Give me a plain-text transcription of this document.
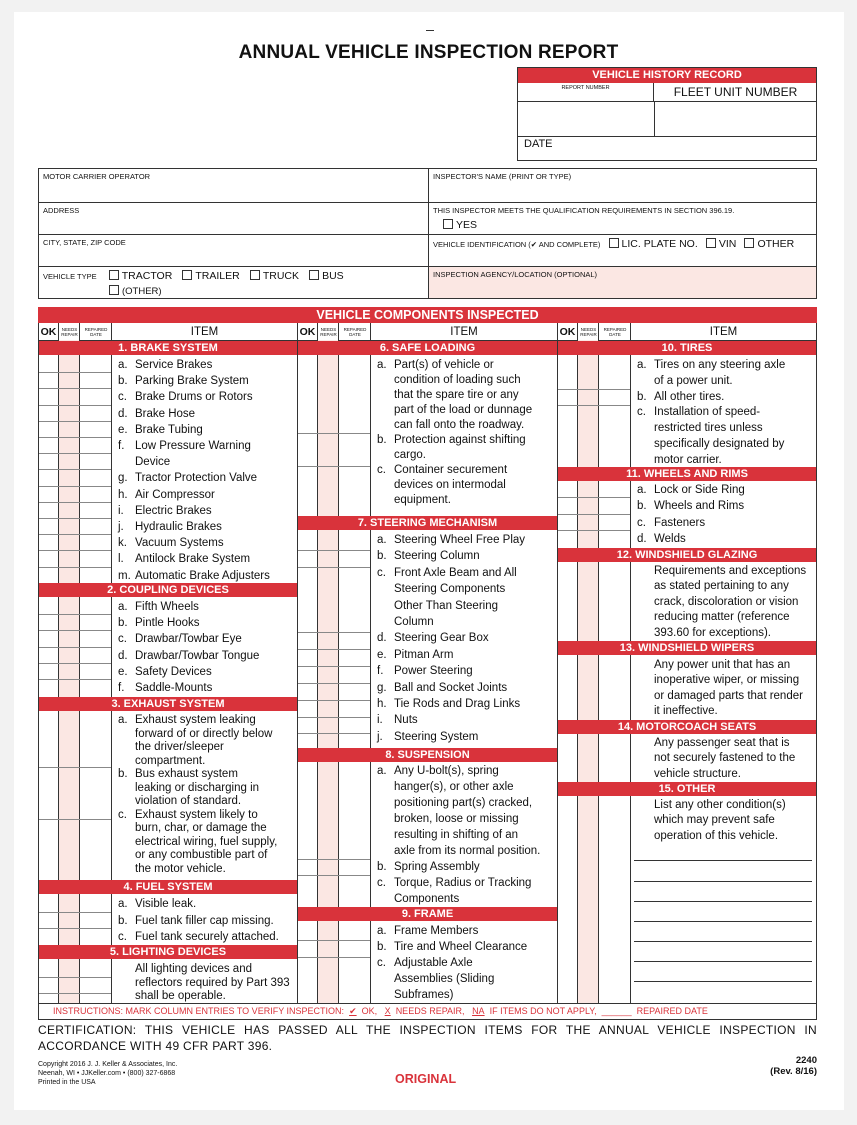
ANNUAL VEHICLE INSPECTION REPORT
VEHICLE HISTORY RECORD
REPORT NUMBER	FLEET UNIT NUMBER
DATE
MOTOR CARRIER OPERATOR
ADDRESS
CITY, STATE, ZIP CODE
VEHICLE TYPE TRACTOR TRAILER TRUCK BUS
(OTHER)
INSPECTOR'S NAME (PRINT OR TYPE)
THIS INSPECTOR MEETS THE QUALIFICATION REQUIREMENTS IN SECTION 396.19.
YES
VEHICLE IDENTIFICATION (✔ AND COMPLETE) LIC. PLATE NO. VIN OTHER
INSPECTION AGENCY/LOCATION (OPTIONAL)
VEHICLE COMPONENTS INSPECTED
OK	NEEDS REPAIR
REPAIRED DATE	ITEM
1. BRAKE SYSTEM
a. Service Brakes
b. Parking Brake System
c. Brake Drums or Rotors
d. Brake Hose
e. Brake Tubing
f. Low Pressure Warning
Device
g. Tractor Protection Valve
h. Air Compressor
i. Electric Brakes
j. Hydraulic Brakes
k. Vacuum Systems
l. Antilock Brake System
m. Automatic Brake Adjusters
2. COUPLING DEVICES
a. Fifth Wheels
b. Pintle Hooks
c. Drawbar/Towbar Eye
d. Drawbar/Towbar Tongue
e. Safety Devices
f. Saddle-Mounts
3. EXHAUST SYSTEM
a. Exhaust system leaking
forward of or directly below
the driver/sleeper
compartment.
b. Bus exhaust system
leaking or discharging in
violation of standard.
c. Exhaust system likely to
burn, char, or damage the
electrical wiring, fuel supply,
or any combustible part of
the motor vehicle.
4. FUEL SYSTEM
a. Visible leak.
b. Fuel tank filler cap missing.
c. Fuel tank securely attached.
5. LIGHTING DEVICES
All lighting devices and
reflectors required by Part 393
shall be operable.
OK	NEEDS REPAIR
REPAIRED DATE	ITEM
6. SAFE LOADING
a. Part(s) of vehicle or
condition of loading such
that the spare tire or any
part of the load or dunnage
can fall onto the roadway.
b. Protection against shifting
cargo.
c. Container securement
devices on intermodal
equipment.
7. STEERING MECHANISM
a. Steering Wheel Free Play
b. Steering Column
c. Front Axle Beam and All
Steering Components
Other Than Steering
Column
d. Steering Gear Box
e. Pitman Arm
f. Power Steering
g. Ball and Socket Joints
h. Tie Rods and Drag Links
i. Nuts
j. Steering System
8. SUSPENSION
a. Any U-bolt(s), spring
hanger(s), or other axle
positioning part(s) cracked,
broken, loose or missing
resulting in shifting of an
axle from its normal position.
b. Spring Assembly
c. Torque, Radius or Tracking
Components
9. FRAME
a. Frame Members
b. Tire and Wheel Clearance
c. Adjustable Axle
Assemblies (Sliding
Subframes)
OK	NEEDS REPAIR
REPAIRED DATE	ITEM
10. TIRES
a. Tires on any steering axle
of a power unit.
b. All other tires.
c. Installation of speed-
restricted tires unless
specifically designated by
motor carrier.
11. WHEELS AND RIMS
a. Lock or Side Ring
b. Wheels and Rims
c. Fasteners
d. Welds
12. WINDSHIELD GLAZING
Requirements and exceptions
as stated pertaining to any
crack, discoloration or vision
reducing matter (reference
393.60 for exceptions).
13. WINDSHIELD WIPERS
Any power unit that has an
inoperative wiper, or missing
or damaged parts that render
it ineffective.
14. MOTORCOACH SEATS
Any passenger seat that is
not securely fastened to the
vehicle structure.
15. OTHER
List any other condition(s)
which may prevent safe
operation of this vehicle.
INSTRUCTIONS: MARK COLUMN ENTRIES TO VERIFY INSPECTION: ✔ OK, X NEEDS REPAIR, NA IF ITEMS DO NOT APPLY,  ______  REPAIRED DATE
CERTIFICATION: THIS VEHICLE HAS PASSED ALL THE INSPECTION ITEMS FOR THE ANNUAL VEHICLE INSPECTION IN ACCORDANCE WITH 49 CFR PART 396.
Copyright 2016 J. J. Keller & Associates, Inc.
Neenah, WI • JJKeller.com • (800) 327-6868
Printed in the USA	ORIGINAL
2240
(Rev. 8/16)
